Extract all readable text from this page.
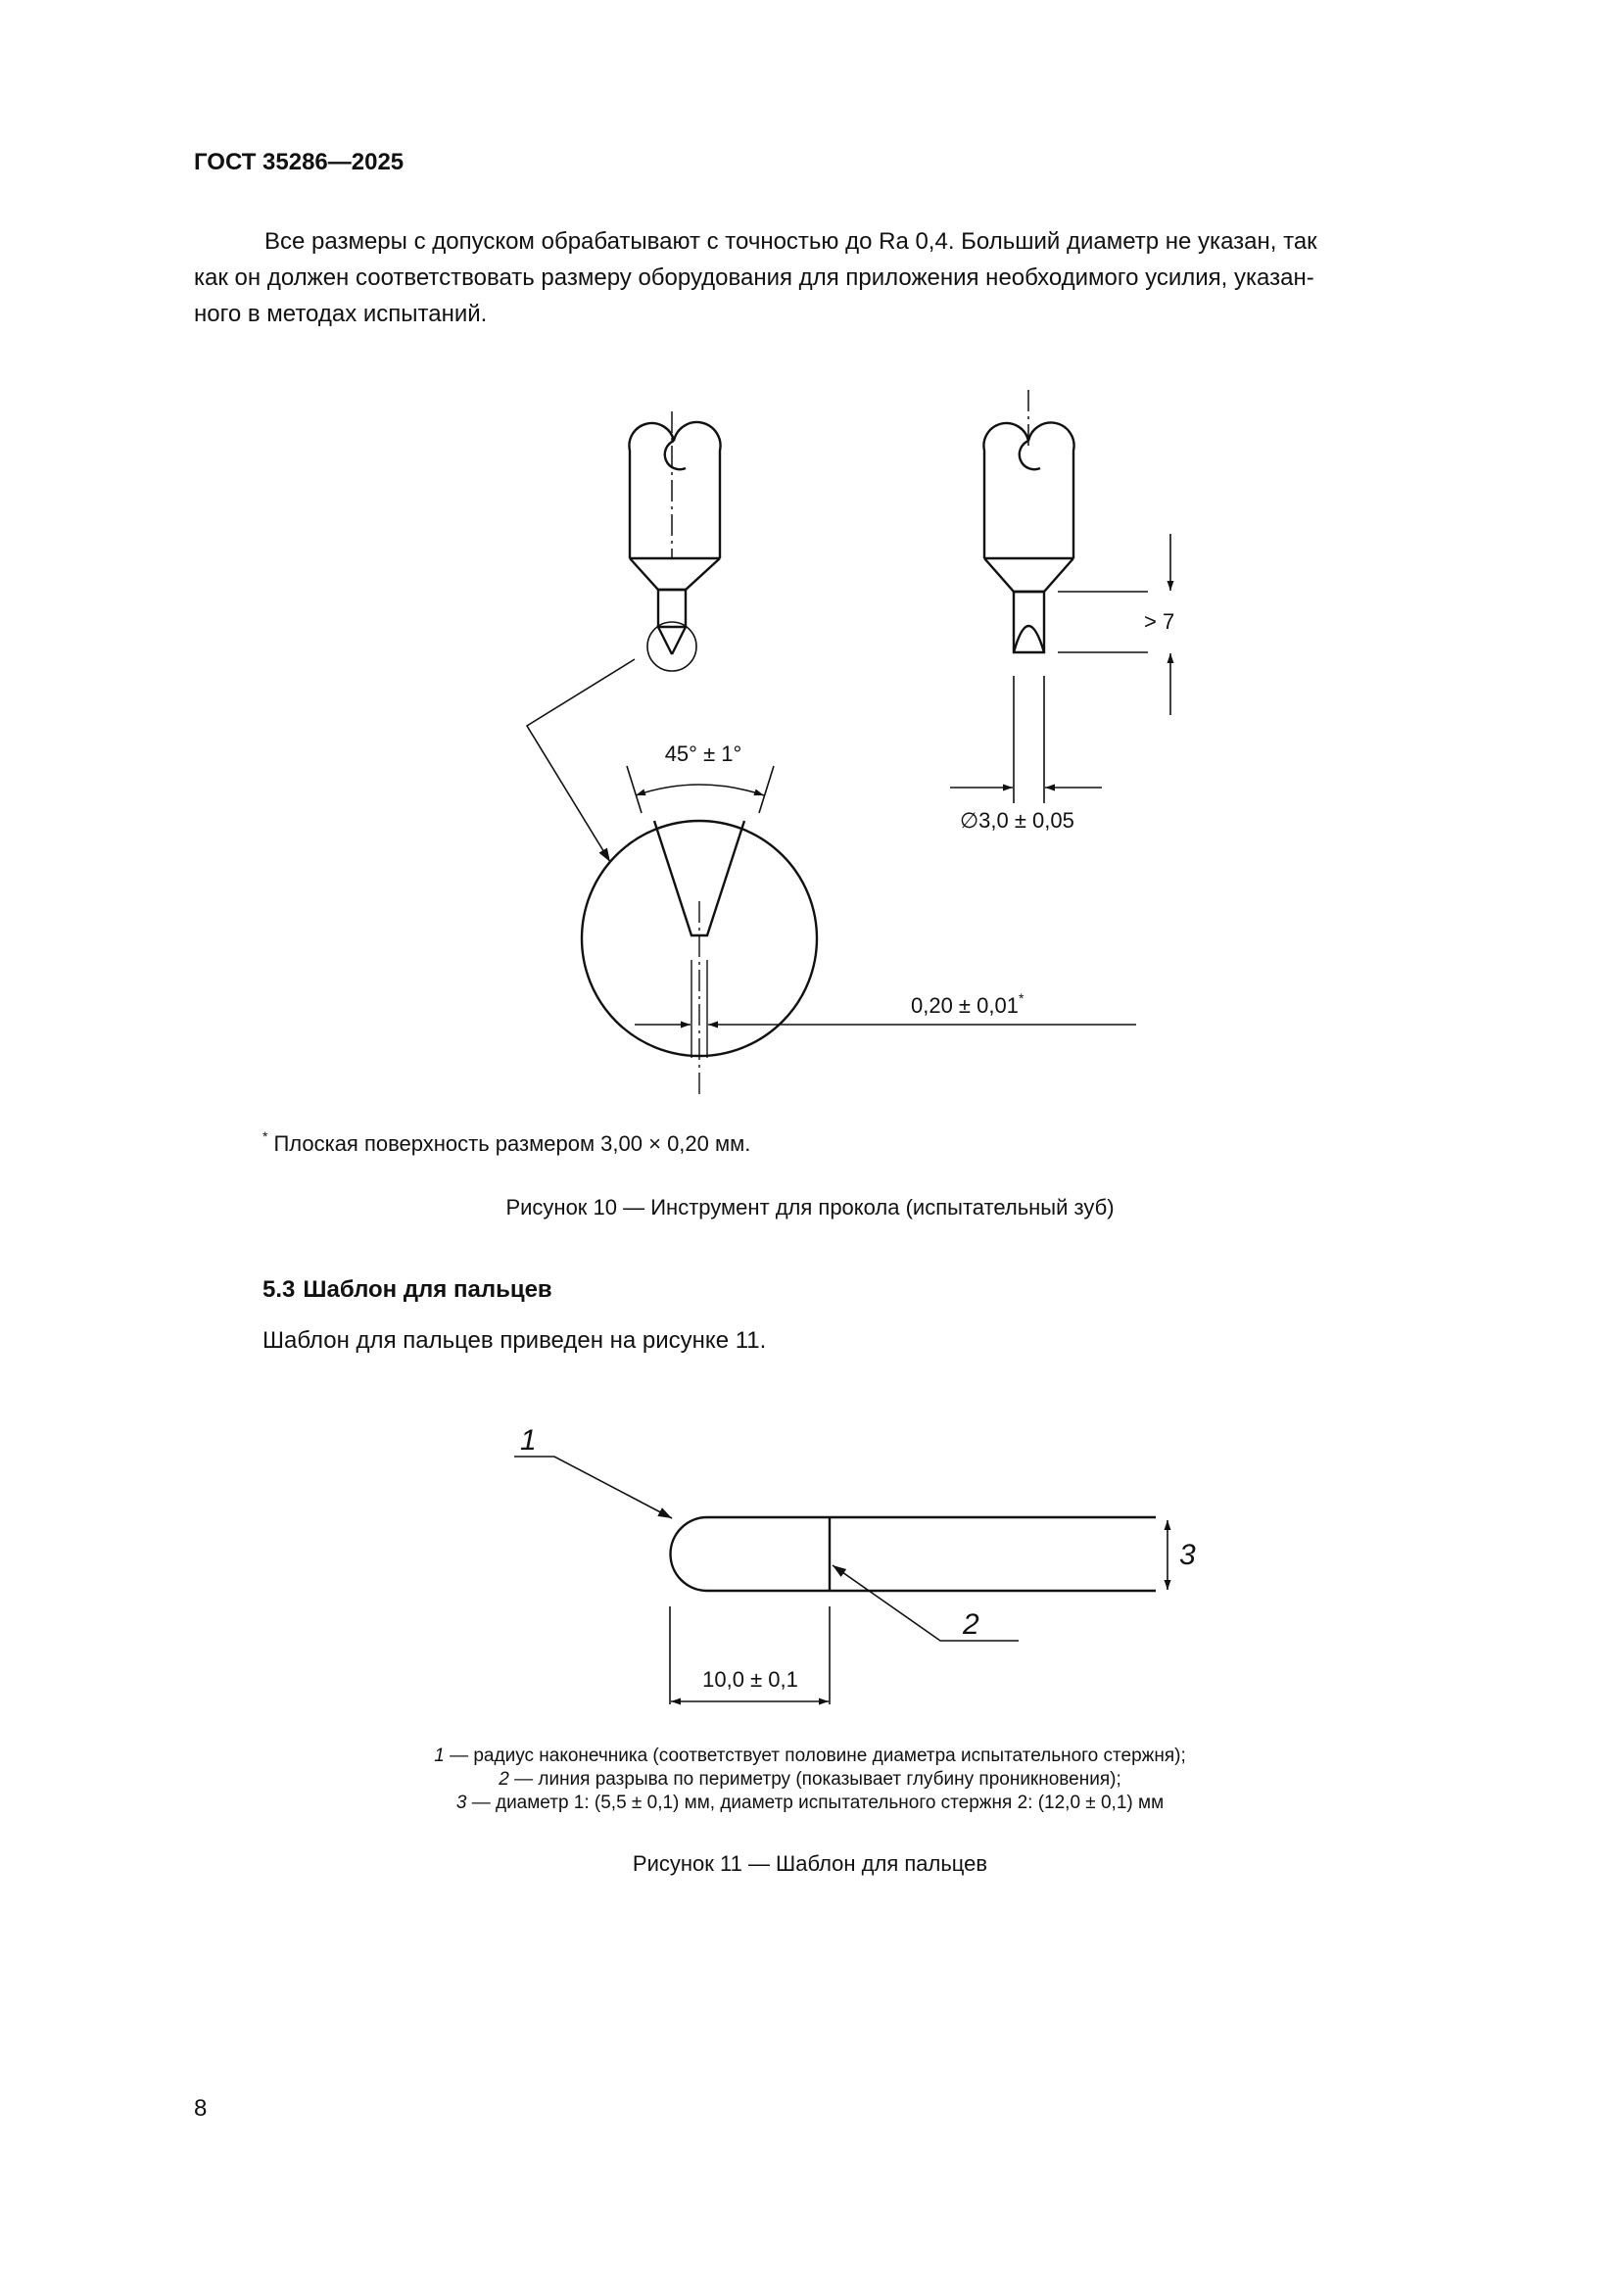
ГОСТ 35286—2025
Все размеры с допуском обрабатывают с точностью до Ra 0,4. Больший диаметр не указан, так
как он должен соответствовать размеру оборудования для приложения необходимого усилия, указан-
ного в методах испытаний.
> 7
∅3,0 ± 0,05
45° ± 1°
0,20 ± 0,01*
1
2
3
10,0 ± 0,1
* Плоская поверхность размером 3,00 × 0,20 мм.
Рисунок 10 — Инструмент для прокола (испытательный зуб)
5.3 Шаблон для пальцев
Шаблон для пальцев приведен на рисунке 11.
1 — радиус наконечника (соответствует половине диаметра испытательного стержня);
2 — линия разрыва по периметру (показывает глубину проникновения);
3 — диаметр 1: (5,5 ± 0,1) мм, диаметр испытательного стержня 2: (12,0 ± 0,1) мм
Рисунок 11 — Шаблон для пальцев
8
